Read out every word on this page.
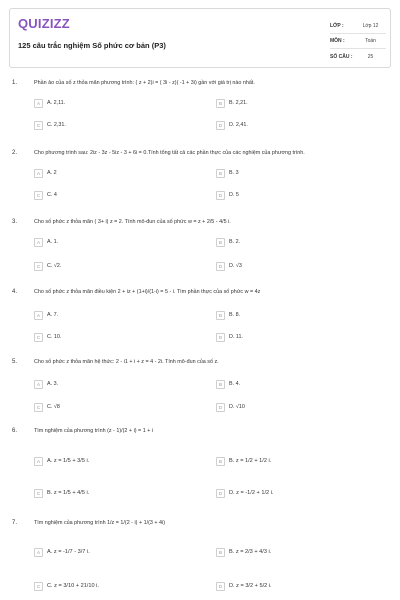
QUIZIZZ
125 câu trắc nghiệm Số phức cơ bản (P3)
LỚP :	Lớp 12
MÔN :	Toán
SỐ CÂU :	25
1.	Phần ảo của số z thỏa mãn phương trình: ( z + 2)i = ( 3i - z)( -1 + 3i) gần với giá trị nào nhất.
A	A. 2,11.	B	B. 2,21.
C	C. 2,31.	D	D. 2,41.
2.	Cho phương trình sau: 2iz - 3z - 5iz - 3 + 6i = 0.Tính tổng tất cả các phần thực của các nghiệm của phương trình.
A	A. 2	B	B. 3
C	C. 4	D	D. 5
3.	Cho số phức z thỏa mãn ( 3+ i) z = 2. Tính mô-đun của số phức w = z + 2/5 - 4/5 i.
A	A. 1.	B	B. 2.
C	C. √2.	D	D. √3
4.	Cho số phức z thỏa mãn điều kiện 2 + iz + (1+i)/(1-i) = 5 - i. Tìm phần thực của số phức w = 4z
A	A. 7.	B	B. 8.
C	C. 10.	D	D. 11.
5.	Cho số phức z thỏa mãn hệ thức: 2 - i1 + i + z = 4 - 2i. Tính mô-đun của số z.
A	A. 3.	B	B. 4.
C	C. √8	D	D. √10
6.	Tìm nghiệm của phương trình (z - 1)/(2 + i) = 1 + i
A	A. z = 1/5 + 3/5 i.	B	B. z = 1/2 + 1/2 i.
C	B. z = 1/5 + 4/5 i.	D	D. z = -1/2 + 1/2 i.
7.	Tìm nghiệm của phương trình 1/z = 1/(2 - i) + 1/(3 + 4i)
A	A. z = -1/7 - 3/7 i.	B	B. z = 2/3 + 4/3 i.
C	C. z = 3/10 + 21/10 i.	D	D. z = 3/2 + 5/2 i.
